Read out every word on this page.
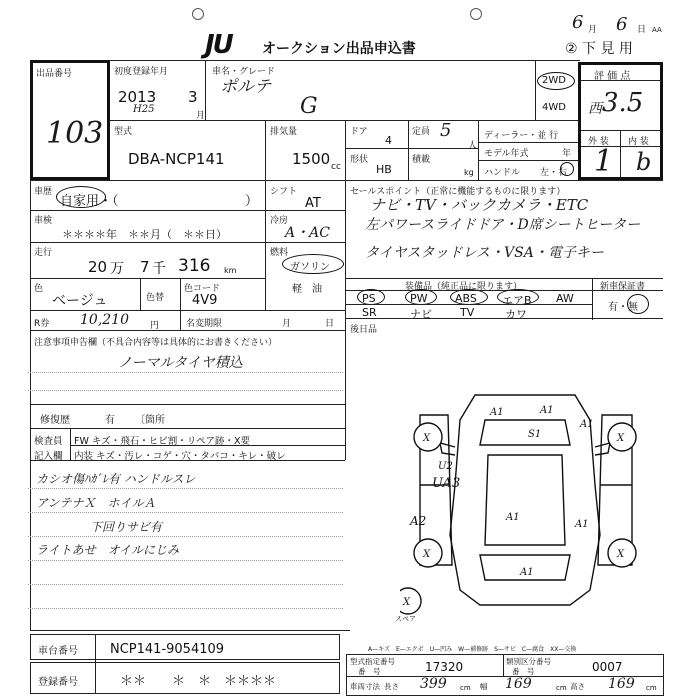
JU オークション出品申込書
6 月 6 日 AA
② 下 見 用
出品番号
103
初度登録年月
2013
H25
3
月
車名・グレード
ポルテ
G
2WD
4WD
評 価 点
西 3.5
外 装 内 装
1 b
型式
DBA-NCP141
排気量
1500 cc
ドア
4
定員 5
人
形状
HB
積載
kg
ディーラー・並 行
モデル年式	年
ハンドル 左・右
車歴
自家用・（	）
シフト
AT
セールスポイント（正常に機能するものに限ります）
ナビ・TV・バックカメラ・ETC
左パワースライドドア・D席シートヒーター
タイヤスタッドレス・VSA・電子キー
車検
＊＊＊＊年　＊＊月（　＊＊日）
冷房
A・AC
走行
20 万 7 千 316 km
燃料
ガソリン
軽　油
色
ベージュ	色替
色コード
4V9
装備品（純正品に限ります）	新車保証書
PS	PW ABS エアB AW
SR	ナビ	TV	カワ
有・無
後日品
R券 10,210 円	名変期限	月	日
注意事項申告欄（不具合内容等は具体的にお書きください）
ノーマルタイヤ積込
修復歴	有 〔箇所
検査員
記入欄
FW キズ・飛石・ヒビ割・リペア跡・X要
内装 キズ・汚レ・コゲ・穴・タバコ・キレ・破レ
カシオ傷ﾊｶﾞﾚ有 ハンドルスレ
アンテナＸ　ホイルＡ
下回りサビ有
ライトあせ　オイルにじみ
X	X
X	X
X
A1
S1
A1
A1
A1
U2
UA3
A2
A1
A1
スペア
車台番号 NCP141-9054109
登録番号	＊＊　　＊　＊　＊＊＊＊
A—キズ　E—エクボ　U—凹み　W—補修跡　S—サビ　C—腐食　XX—交換
型式指定番号
番　号	17320	類別区分番号
番　号	0007
車両寸法 長さ 399 cm 幅 169	cm 高さ 169 cm
